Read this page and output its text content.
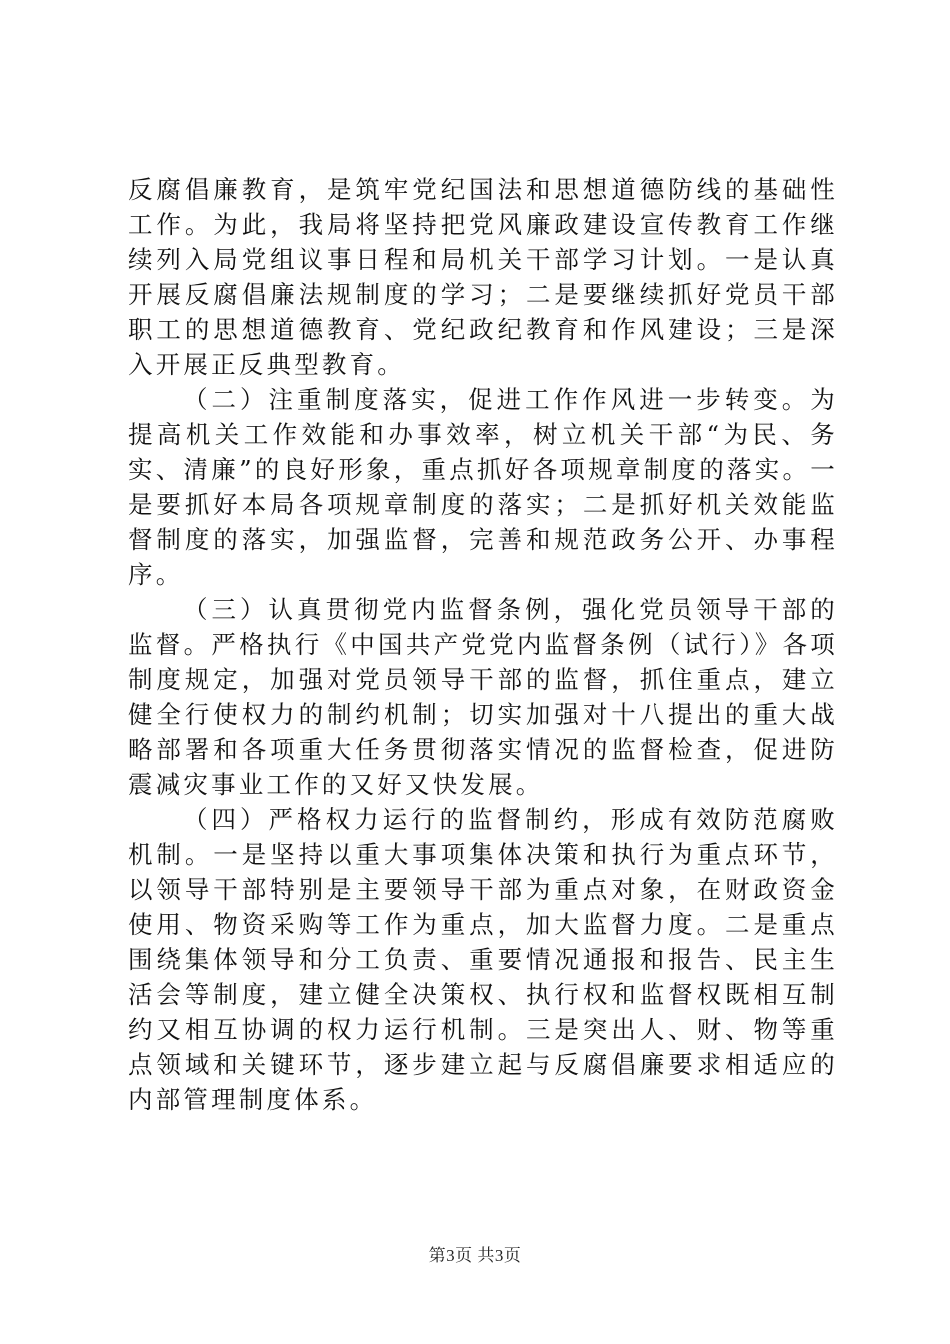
反腐倡廉教育，是筑牢党纪国法和思想道德防线的基础性工作。为此，我局将坚持把党风廉政建设宣传教育工作继续列入局党组议事日程和局机关干部学习计划。一是认真开展反腐倡廉法规制度的学习；二是要继续抓好党员干部职工的思想道德教育、党纪政纪教育和作风建设；三是深入开展正反典型教育。

（二）注重制度落实，促进工作作风进一步转变。为提高机关工作效能和办事效率，树立机关干部“为民、务实、清廉”的良好形象，重点抓好各项规章制度的落实。一是要抓好本局各项规章制度的落实；二是抓好机关效能监督制度的落实，加强监督，完善和规范政务公开、办事程序。

（三）认真贯彻党内监督条例，强化党员领导干部的监督。严格执行《中国共产党党内监督条例（试行）》各项制度规定，加强对党员领导干部的监督，抓住重点，建立健全行使权力的制约机制；切实加强对十八提出的重大战略部署和各项重大任务贯彻落实情况的监督检查，促进防震减灾事业工作的又好又快发展。

（四）严格权力运行的监督制约，形成有效防范腐败机制。一是坚持以重大事项集体决策和执行为重点环节，以领导干部特别是主要领导干部为重点对象，在财政资金使用、物资采购等工作为重点，加大监督力度。二是重点围绕集体领导和分工负责、重要情况通报和报告、民主生活会等制度，建立健全决策权、执行权和监督权既相互制约又相互协调的权力运行机制。三是突出人、财、物等重点领域和关键环节，逐步建立起与反腐倡廉要求相适应的内部管理制度体系。

第3页 共3页
